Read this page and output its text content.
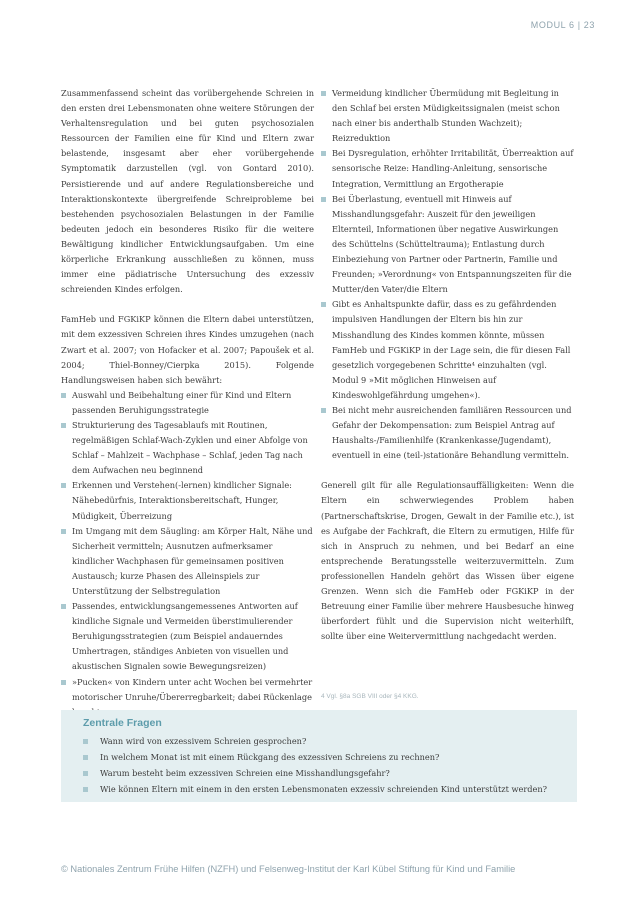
MODUL 6 | 23

Zusammenfassend scheint das vorübergehende Schreien in den ersten drei Lebensmonaten ohne weitere Störungen der Verhaltensregulation und bei guten psychosozialen Ressourcen der Familien eine für Kind und Eltern zwar belastende, insgesamt aber eher vorübergehende Symptomatik darzustellen (vgl. von Gontard 2010). Persistierende und auf andere Regulationsbereiche und Interaktionskontexte übergreifende Schreiprobleme bei bestehenden psychosozialen Belastungen in der Familie bedeuten jedoch ein besonderes Risiko für die weitere Bewältigung kindlicher Entwicklungsaufgaben. Um eine körperliche Erkrankung ausschließen zu können, muss immer eine pädiatrische Untersuchung des exzessiv schreienden Kindes erfolgen.

FamHeb und FGKiKP können die Eltern dabei unterstützen, mit dem exzessiven Schreien ihres Kindes umzugehen (nach Zwart et al. 2007; von Hofacker et al. 2007; Papoušek et al. 2004; Thiel-Bonney/Cierpka 2015). Folgende Handlungsweisen haben sich bewährt:

Auswahl und Beibehaltung einer für Kind und Eltern passenden Beruhigungsstrategie
Strukturierung des Tagesablaufs mit Routinen, regelmäßigen Schlaf-Wach-Zyklen und einer Abfolge von Schlaf – Mahlzeit – Wachphase – Schlaf, jeden Tag nach dem Aufwachen neu beginnend
Erkennen und Verstehen(-lernen) kindlicher Signale: Nähebedürfnis, Interaktionsbereitschaft, Hunger, Müdigkeit, Überreizung
Im Umgang mit dem Säugling: am Körper Halt, Nähe und Sicherheit vermitteln; Ausnutzen aufmerksamer kindlicher Wachphasen für gemeinsamen positiven Austausch; kurze Phasen des Alleinspiels zur Unterstützung der Selbstregulation
Passendes, entwicklungsangemessenes Antworten auf kindliche Signale und Vermeiden überstimulierender Beruhigungsstrategien (zum Beispiel andauerndes Umhertragen, ständiges Anbieten von visuellen und akustischen Signalen sowie Bewegungsreizen)
»Pucken« von Kindern unter acht Wochen bei vermehrter motorischer Unruhe/Übererregbarkeit; dabei Rückenlage
Vermeidung kindlicher Übermüdung mit Begleitung in den Schlaf bei ersten Müdigkeitssignalen (meist schon nach einer bis anderthalb Stunden Wachzeit); Reizreduktion
Bei Dysregulation, erhöhter Irritabilität, Überreaktion auf sensorische Reize: Handling-Anleitung, sensorische Integration, Vermittlung an Ergotherapie
Bei Überlastung, eventuell mit Hinweis auf Misshandlungsgefahr: Auszeit für den jeweiligen Elternteil, Informationen über negative Auswirkungen des Schüttelns (Schütteltrauma); Entlastung durch Einbeziehung von Partner oder Partnerin, Familie und Freunden; »Verordnung« von Entspannungszeiten für die Mutter/den Vater/die Eltern
Gibt es Anhaltspunkte dafür, dass es zu gefährdenden impulsiven Handlungen der Eltern bis hin zur Misshandlung des Kindes kommen könnte, müssen FamHeb und FGKiKP in der Lage sein, die für diesen Fall gesetzlich vorgegebenen Schritte⁴ einzuhalten (vgl. Modul 9 »Mit möglichen Hinweisen auf Kindeswohlgefährdung umgehen«).
Bei nicht mehr ausreichenden familiären Ressourcen und Gefahr der Dekompensation: zum Beispiel Antrag auf Haushalts-/Familienhilfe (Krankenkasse/Jugendamt), eventuell in eine (teil-)stationäre Behandlung vermitteln.

Generell gilt für alle Regulationsauffälligkeiten: Wenn die Eltern ein schwerwiegendes Problem haben (Partnerschaftskrise, Drogen, Gewalt in der Familie etc.), ist es Aufgabe der Fachkraft, die Eltern zu ermutigen, Hilfe für sich in Anspruch zu nehmen, und bei Bedarf an eine entsprechende Beratungsstelle weiterzuvermitteln. Zum professionellen Handeln gehört das Wissen über eigene Grenzen. Wenn sich die FamHeb oder FGKiKP in der Betreuung einer Familie über mehrere Hausbesuche hinweg überfordert fühlt und die Supervision nicht weiterhilft, sollte über eine Weitervermittlung nachgedacht werden.

4 Vgl. §8a SGB VIII oder §4 KKG.
Zentrale Fragen
Wann wird von exzessivem Schreien gesprochen?
In welchem Monat ist mit einem Rückgang des exzessiven Schreiens zu rechnen?
Warum besteht beim exzessiven Schreien eine Misshandlungsgefahr?
Wie können Eltern mit einem in den ersten Lebensmonaten exzessiv schreienden Kind unterstützt werden?
© Nationales Zentrum Frühe Hilfen (NZFH) und Felsenweg-Institut der Karl Kübel Stiftung für Kind und Familie
